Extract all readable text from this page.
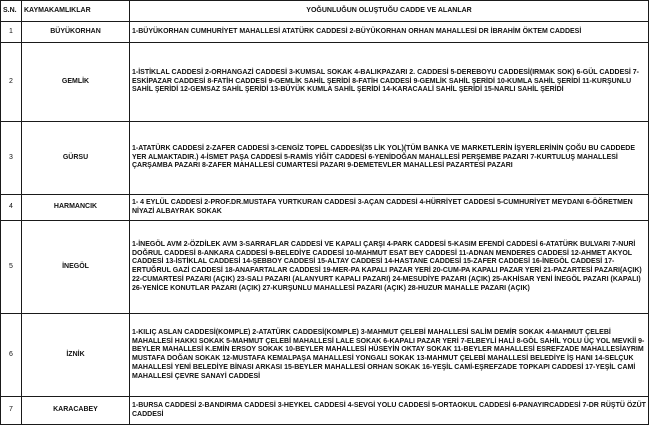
S.N.	KAYMAKAMLIKLAR	YOĞUNLUĞUN OLUŞTUĞU CADDE VE ALANLAR
1	BÜYÜKORHAN	1-BÜYÜKORHAN CUMHURİYET MAHALLESİ ATATÜRK CADDESİ 2-BÜYÜKORHAN ORHAN MAHALLESİ DR İBRAHİM ÖKTEM CADDESİ
2	GEMLİK	1-İSTİKLAL CADDESİ 2-ORHANGAZİ CADDESİ 3-KUMSAL SOKAK 4-BALIKPAZARI 2. CADDESİ 5-DEREBOYU CADDESİ(IRMAK SOK) 6-GÜL CADDESİ 7-ESKİPAZAR CADDESİ 8-FATİH CADDESİ 9-GEMLİK SAHİL ŞERİDİ 8-FATİH CADDESİ 9-GEMLİK SAHİL ŞERİDİ 10-KUMLA SAHİL ŞERİDİ 11-KURŞUNLU SAHİL ŞERİDİ 12-GEMSAZ SAHİL ŞERİDİ 13-BÜYÜK KUMLA SAHİL ŞERİDİ 14-KARACAALİ SAHİL ŞERİDİ 15-NARLI SAHİL ŞERİDİ
3	GÜRSU	1-ATATÜRK CADDESİ 2-ZAFER CADDESİ 3-CENGİZ TOPEL CADDESİ(35 LİK YOL)(TÜM BANKA VE MARKETLERİN İŞYERLERİNİN ÇOĞU BU CADDEDE YER ALMAKTADIR.) 4-İSMET PAŞA CADDESİ 5-RAMİS YİĞİT CADDESİ 6-YENİDOĞAN MAHALLESİ PERŞEMBE PAZARI 7-KURTULUŞ MAHALLESİ ÇARŞAMBA PAZARI 8-ZAFER MAHALLESİ CUMARTESİ PAZARI 9-DEMETEVLER MAHALLESİ PAZARTESİ PAZARI
4	HARMANCIK	1- 4 EYLÜL CADDESİ 2-PROF.DR.MUSTAFA YURTKURAN CADDESİ 3-AÇAN CADDESİ 4-HÜRRİYET CADDESİ 5-CUMHURİYET MEYDANI 6-ÖĞRETMEN NİYAZİ ALBAYRAK SOKAK
5	İNEGÖL	1-İNEGÖL AVM 2-ÖZDİLEK AVM 3-SARRAFLAR CADDESİ VE KAPALI ÇARŞI 4-PARK CADDESİ 5-KASIM EFENDİ CADDESİ 6-ATATÜRK BULVARI 7-NURİ DOĞRUL CADDESİ 8-ANKARA CADDESİ 9-BELEDİYE CADDESİ 10-MAHMUT ESAT BEY CADDESİ 11-ADNAN MENDERES CADDESİ 12-AHMET AKYOL CADDESİ 13-İSTİKLAL CADDESİ 14-ŞEBBOY CADDESİ 15-ALTAY CADDESİ 14-HASTANE CADDESİ 15-ZAFER CADDESİ 16-İNEGÖL CADDESİ 17-ERTUĞRUL GAZİ CADDESİ 18-ANAFARTALAR CADDESİ 19-MER-PA KAPALI PAZAR YERİ 20-CUM-PA KAPALI PAZAR YERİ 21-PAZARTESİ PAZARI(AÇIK) 22-CUMARTESİ PAZARI (AÇIK) 23-SALI PAZARI (ALANYURT KAPALI PAZARI) 24-MESUDİYE PAZARI (AÇIK) 25-AKHİSAR YENİ İNEGÖL PAZARI (KAPALI) 26-YENİCE KONUTLAR PAZARI (AÇIK) 27-KURŞUNLU MAHALLESİ PAZARI (AÇIK) 28-HUZUR MAHALLE PAZARI (AÇIK)
6	İZNİK	1-KILIÇ ASLAN CADDESİ(KOMPLE) 2-ATATÜRK CADDESİ(KOMPLE) 3-MAHMUT ÇELEBİ MAHALLESİ SALİM DEMİR SOKAK 4-MAHMUT ÇELEBİ MAHALLESİ HAKKI SOKAK 5-MAHMUT ÇELEBİ MAHALLESİ LALE SOKAK 6-KAPALI PAZAR YERİ 7-ELBEYLİ HALİ 8-GÖL SAHİL YOLU ÜÇ YOL MEVKİİ 9-BEYLER MAHALLESİ K.EMİN ERSOY SOKAK 10-BEYLER MAHALLESİ HÜSEYİN OKTAY SOKAK 11-BEYLER MAHALLESİ ESREFZADE MAHALLESİAYRIM MUSTAFA DOĞAN SOKAK 12-MUSTAFA KEMALPAŞA MAHALLESİ YONGALI SOKAK 13-MAHMUT ÇELEBİ MAHALLESİ BELEDİYE İŞ HANI 14-SELÇUK MAHALLESİ YENİ BELEDİYE BİNASI ARKASI 15-BEYLER MAHALLESİ ORHAN SOKAK 16-YEŞİL CAMİ-EŞREFZADE TOPKAPI CADDESİ 17-YEŞİL CAMİ MAHALLESİ ÇEVRE SANAYİ CADDESİ
7	KARACABEY	1-BURSA CADDESİ 2-BANDIRMA CADDESİ 3-HEYKEL CADDESİ 4-SEVGİ YOLU CADDESİ 5-ORTAOKUL CADDESİ 6-PANAYIRCADDESİ 7-DR RÜŞTÜ ÖZÜT CADDESİ
